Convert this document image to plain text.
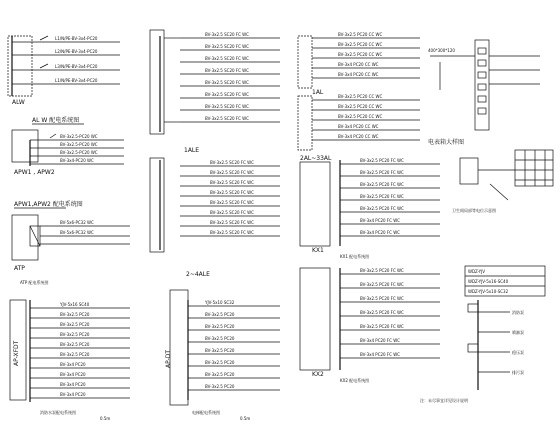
L1/N/PE-BV-3x4-PC20
L2/N/PE-BV-3x4-PC20
L3/N/PE-BV-3x4-PC20
L1/N/PE-BV-3x4-PC20
ALW
AL W 配电系统图
BV-3x2.5-PC20 WC
BV-3x2.5-PC20 WC
BV-3x2.5-PC20 WC
BV-3x4-PC20 WC
APW1 , APW2
APW1,APW2 配电系统图
BV-5x6-PC32 WC
BV-5x6-PC32 WC
ATP
ATP 配电系统图
YJV-5x16 SC40
BV-3x2.5 PC20
BV-3x2.5 PC20
BV-3x2.5 PC20
BV-3x2.5 PC20
BV-3x2.5 PC20
BV-3x4 PC20
BV-3x4 PC20
BV-3x4 PC20
BV-3x4 PC20
AP-XFDT
消防水泵配电系统图
0.5m
BV-3x2.5 SC20 FC WC
BV-3x2.5 SC20 FC WC
BV-3x2.5 SC20 FC WC
BV-3x2.5 SC20 FC WC
BV-3x2.5 SC20 FC WC
BV-3x2.5 SC20 FC WC
BV-3x2.5 SC20 FC WC
BV-3x2.5 SC20 FC WC
1ALE
BV-3x2.5 SC20 FC WC
BV-3x2.5 SC20 FC WC
BV-3x2.5 SC20 FC WC
BV-3x2.5 SC20 FC WC
BV-3x2.5 SC20 FC WC
BV-3x2.5 SC20 FC WC
BV-3x2.5 SC20 FC WC
BV-3x2.5 SC20 FC WC
2~4ALE
YJV-5x10 SC32
BV-3x2.5 PC20
BV-3x2.5 PC20
BV-3x2.5 PC20
BV-3x2.5 PC20
BV-3x2.5 PC20
BV-3x2.5 PC20
BV-3x2.5 PC20
AP-DT
电梯配电系统图
0.5m
BV-3x2.5 PC20 CC WC
BV-3x2.5 PC20 CC WC
BV-3x2.5 PC20 CC WC
BV-3x4 PC20 CC WC
BV-3x4 PC20 CC WC
1AL
BV-3x2.5 PC20 CC WC
BV-3x2.5 PC20 CC WC
BV-3x2.5 PC20 CC WC
BV-3x4 PC20 CC WC
BV-3x4 PC20 CC WC
2AL~33AL	BV-3x2.5 PC20 FC WC
BV-3x2.5 PC20 FC WC
BV-3x2.5 PC20 FC WC
BV-3x2.5 PC20 FC WC
BV-3x2.5 PC20 FC WC
BV-3x4 PC20 FC WC
BV-3x4 PC20 FC WC
KX1
KX1 配电系统图
BV-3x2.5 PC20 FC WC
BV-3x2.5 PC20 FC WC
BV-3x2.5 PC20 FC WC
BV-3x2.5 PC20 FC WC
BV-3x2.5 PC20 FC WC
BV-3x4 PC20 FC WC
BV-3x4 PC20 FC WC
KX2
KX2 配电系统图
400*300*120
电表箱大样图
卫生间局部等电位示意图
WDZ-YJV
WDZ-YJV-5x16-SC40
WDZ-YJV-5x10-SC32
消防泵
喷淋泵
稳压泵
排污泵
注：未尽事宜详见设计说明
